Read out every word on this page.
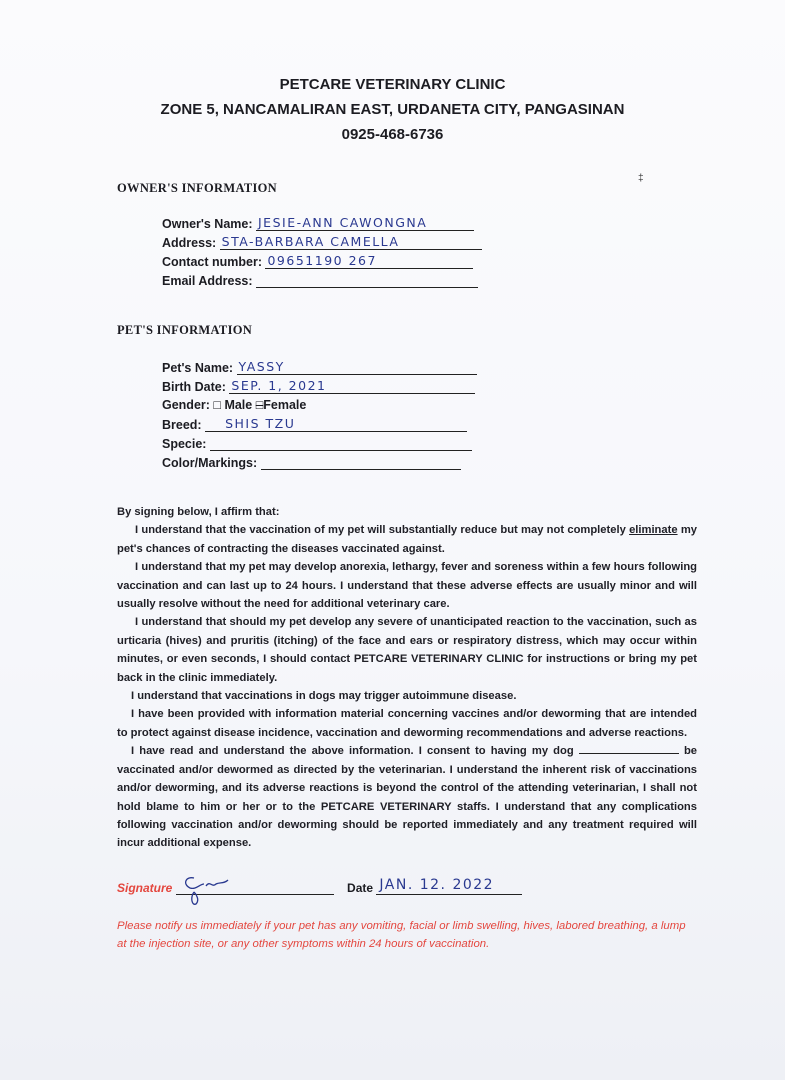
PETCARE VETERINARY CLINIC
ZONE 5, NANCAMALIRAN EAST, URDANETA CITY, PANGASINAN
0925-468-6736
‡
OWNER'S INFORMATION
Owner's Name: JESIE-ANN CAWONGNA
Address: STA-BARBARA CAMELLA
Contact number: 09651190 267
Email Address:
PET'S INFORMATION
Pet's Name: YASSY
Birth Date: SEP. 1, 2021
Gender: □ Male □Female
Breed: SHIS TZU
Specie:
Color/Markings:

By signing below, I affirm that:

I understand that the vaccination of my pet will substantially reduce but may not completely eliminate my pet's chances of contracting the diseases vaccinated against.

I understand that my pet may develop anorexia, lethargy, fever and soreness within a few hours following vaccination and can last up to 24 hours. I understand that these adverse effects are usually minor and will usually resolve without the need for additional veterinary care.

I understand that should my pet develop any severe of unanticipated reaction to the vaccination, such as urticaria (hives) and pruritis (itching) of the face and ears or respiratory distress, which may occur within minutes, or even seconds, I should contact PETCARE VETERINARY CLINIC for instructions or bring my pet back in the clinic immediately.

I understand that vaccinations in dogs may trigger autoimmune disease.

I have been provided with information material concerning vaccines and/or deworming that are intended to protect against disease incidence, vaccination and deworming recommendations and adverse reactions.

I have read and understand the above information. I consent to having my dog	be vaccinated and/or dewormed as directed by the veterinarian. I understand the inherent risk of vaccinations and/or deworming, and its adverse reactions is beyond the control of the attending veterinarian, I shall not hold blame to him or her or to the PETCARE VETERINARY staffs. I understand that any complications following vaccination and/or deworming should be reported immediately and any treatment required will incur additional expense.

Signature	Date JAN. 12. 2022
Please notify us immediately if your pet has any vomiting, facial or limb swelling, hives, labored breathing, a lump at the injection site, or any other symptoms within 24 hours of vaccination.
